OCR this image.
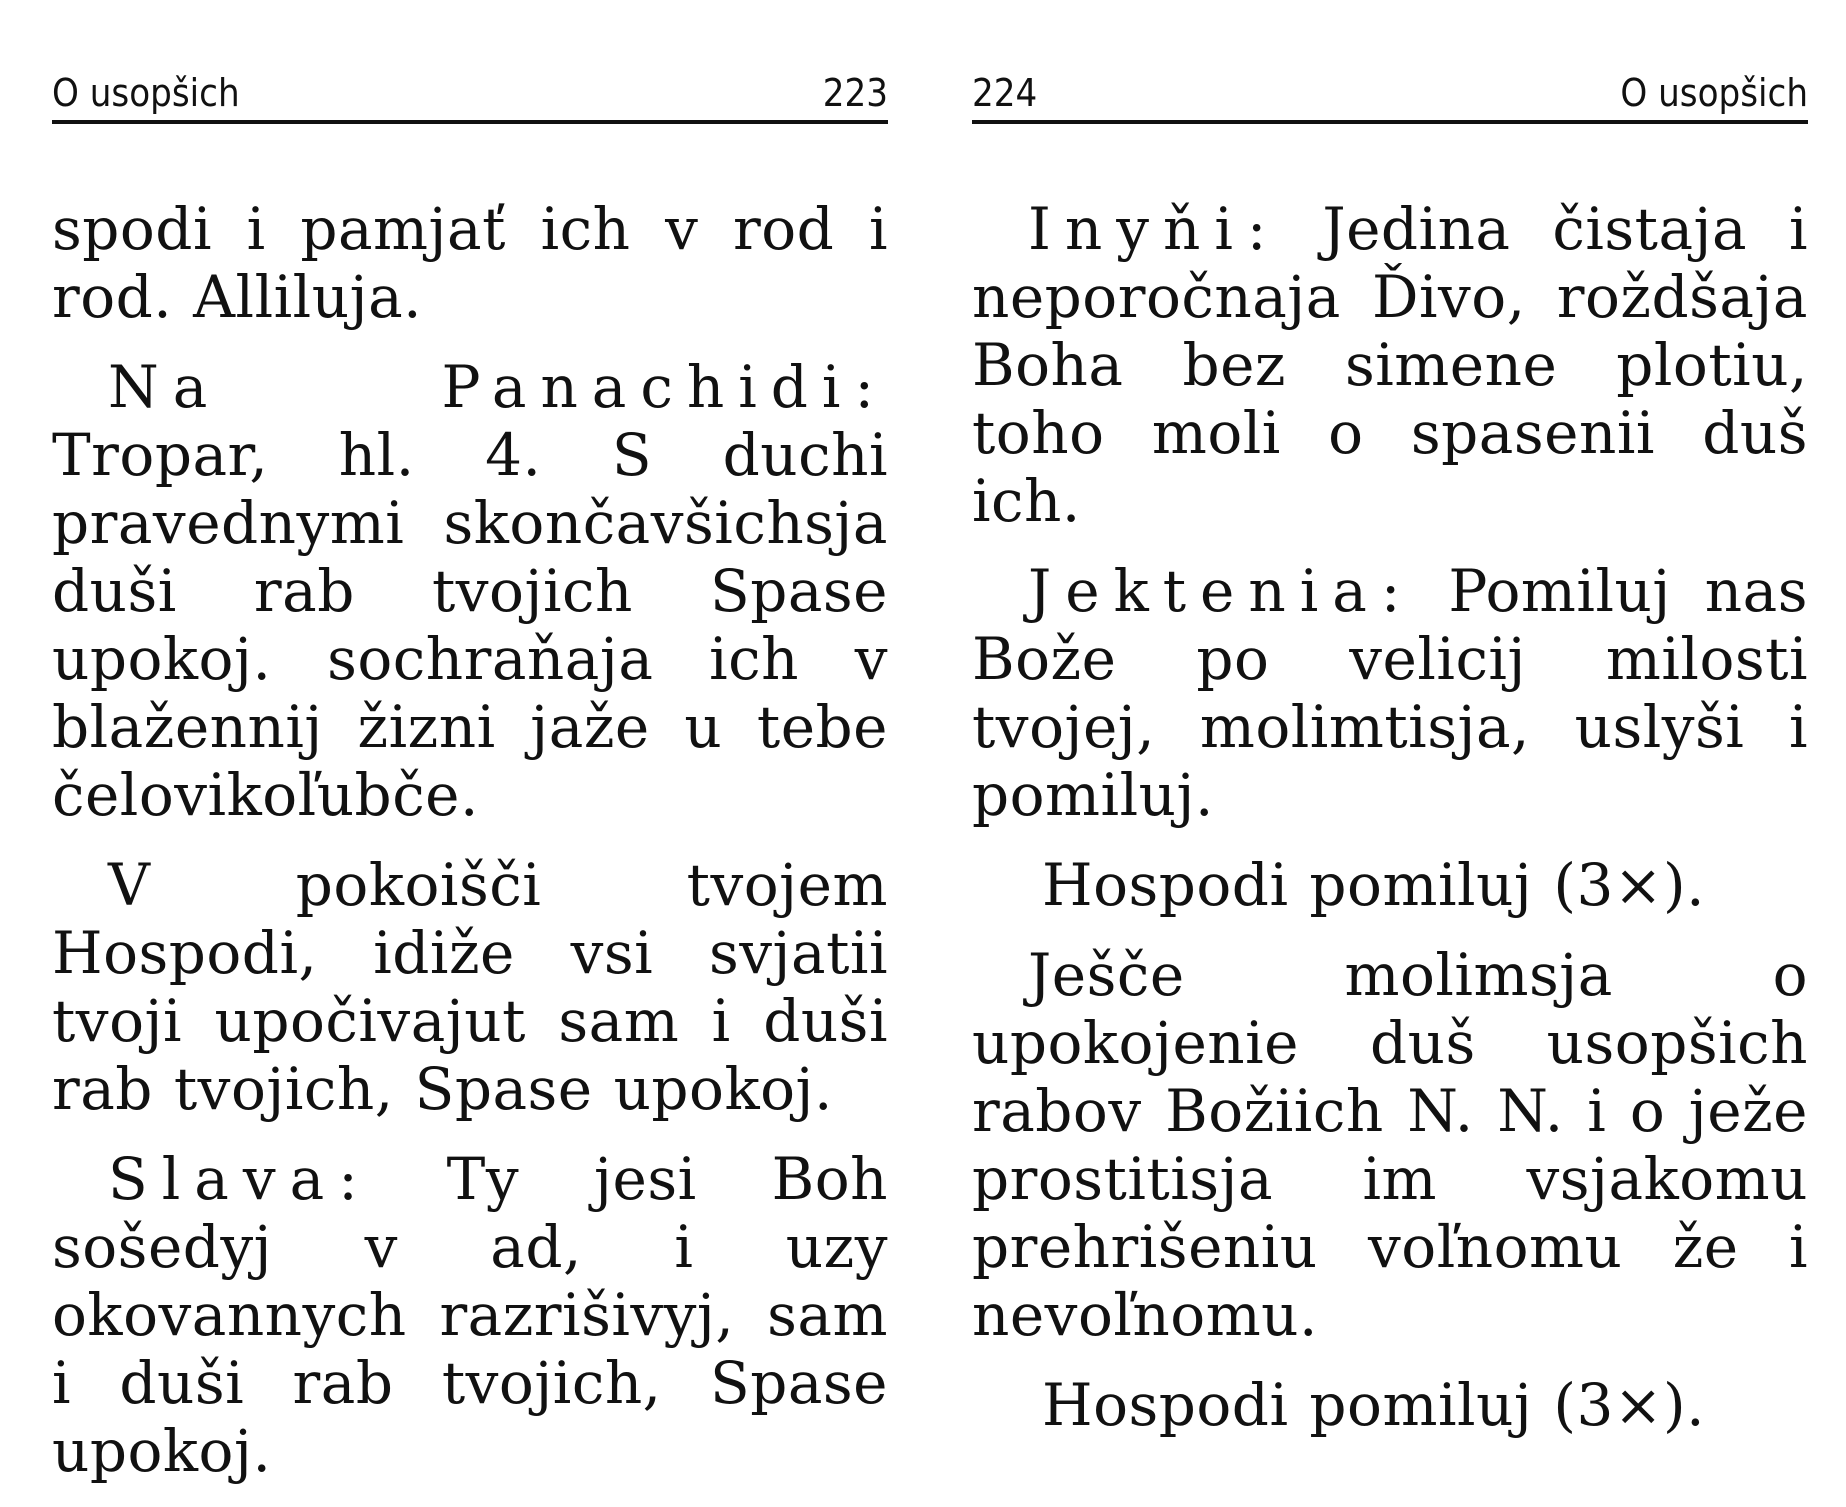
O usopšich	223

spodi i pamjať ich v rod i rod. Alliluja.

Na Panachidi: Tropar, hl. 4. S duchi pravednymi skončavšichsja duši rab tvojich Spase upokoj. sochraňaja ich v blažennij žizni jaže u tebe čelovikoľubče.

V pokoišči tvojem Hospodi, idiže vsi svjatii tvoji upočivajut sam i duši rab tvojich, Spase upokoj.

Slava: Ty jesi Boh sošedyj v ad, i uzy okovannych razrišivyj, sam i duši rab tvojich, Spase upokoj.

224	O usopšich

Inyňi: Jedina čistaja i neporočnaja Ďivo, roždšaja Boha bez simene plotiu, toho moli o spasenii duš ich.

Jektenia: Pomiluj nas Bože po velicij milosti tvojej, molimtisja, uslyši i pomiluj.

Hospodi pomiluj (3×).

Ješče molimsja o upokojenie duš usopšich rabov Božiich N. N. i o ježe prostitisja im vsjakomu prehrišeniu voľnomu že i nevoľnomu.

Hospodi pomiluj (3×).
